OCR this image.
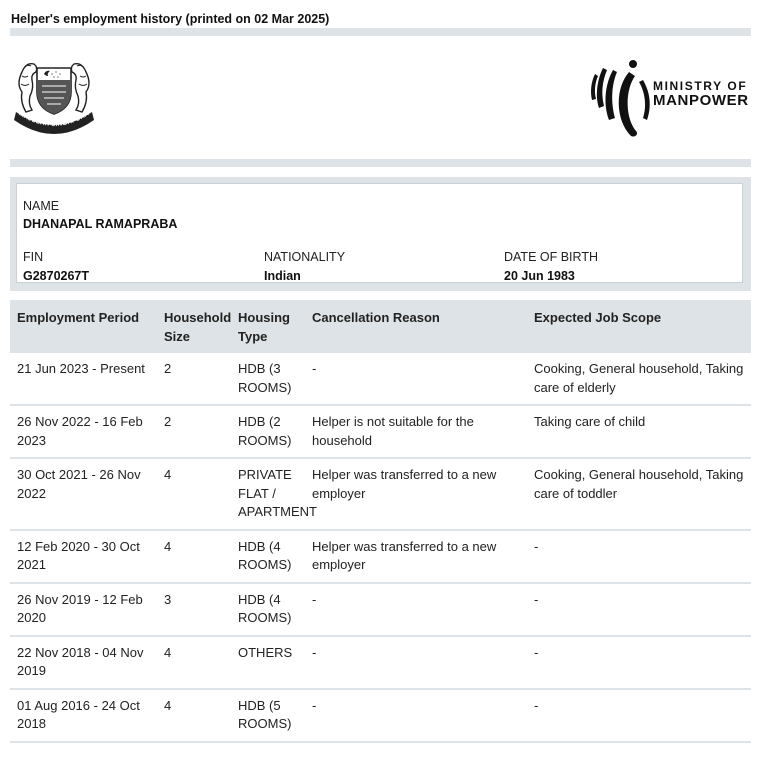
Helper's employment history (printed on 02 Mar 2025)
MAJULAH SINGAPURA
MINISTRY OF
MANPOWER
NAME
DHANAPAL RAMAPRABA
FIN
G2870267T
NATIONALITY
Indian
DATE OF BIRTH
20 Jun 1983
Employment Period	Household Size	Housing Type	Cancellation Reason	Expected Job Scope
21 Jun 2023 - Present	2	HDB (3 ROOMS)	-	Cooking, General household, Taking care of elderly
26 Nov 2022 - 16 Feb 2023	2	HDB (2 ROOMS)	Helper is not suitable for the household	Taking care of child
30 Oct 2021 - 26 Nov 2022	4	PRIVATE FLAT / APARTMENT	Helper was transferred to a new employer	Cooking, General household, Taking care of toddler
12 Feb 2020 - 30 Oct 2021	4	HDB (4 ROOMS)	Helper was transferred to a new employer	-
26 Nov 2019 - 12 Feb 2020	3	HDB (4 ROOMS)	-	-
22 Nov 2018 - 04 Nov 2019	4	OTHERS	-	-
01 Aug 2016 - 24 Oct 2018	4	HDB (5 ROOMS)	-	-
